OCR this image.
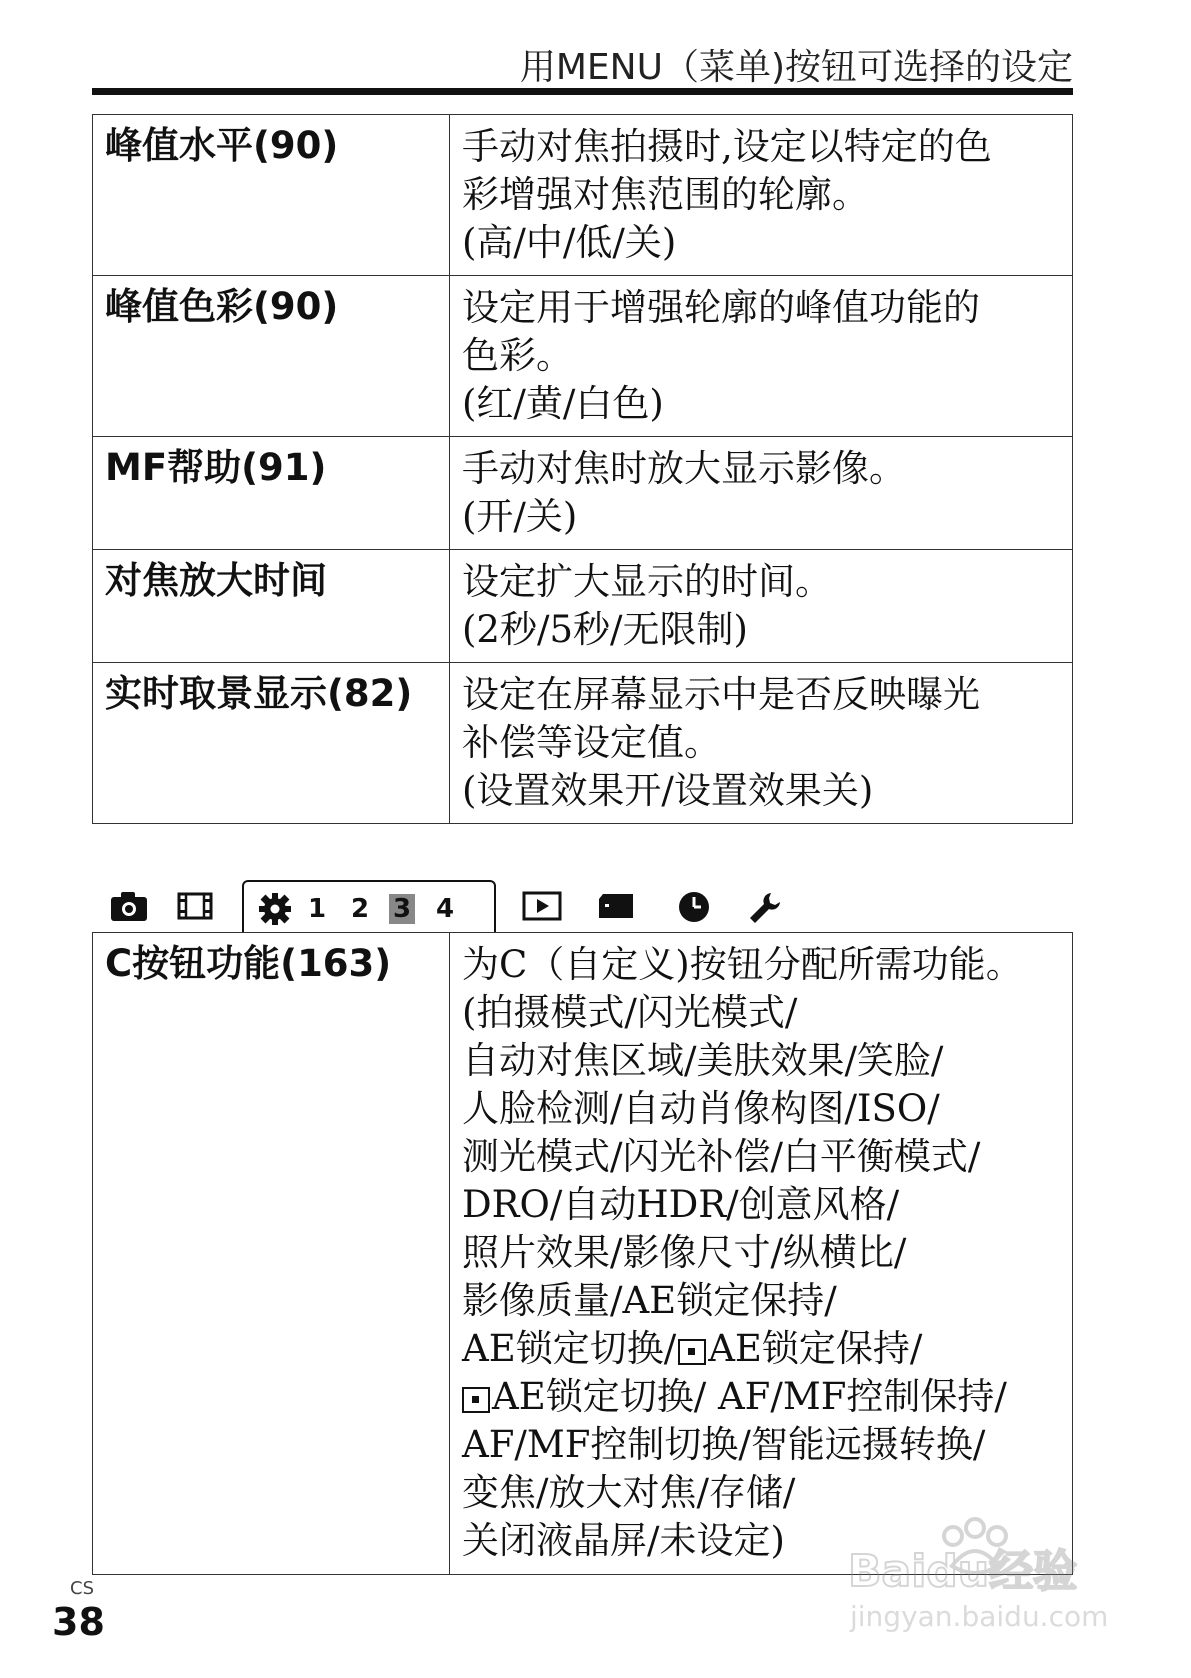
用MENU（菜单)按钮可选择的设定
峰值水平(90)	手动对焦拍摄时,设定以特定的色
彩增强对焦范围的轮廓。
(高/中/低/关)

峰值色彩(90)	设定用于增强轮廓的峰值功能的
色彩。
(红/黄/白色)

MF帮助(91)	手动对焦时放大显示影像。
(开/关)

对焦放大时间	设定扩大显示的时间。
(2秒/5秒/无限制)

实时取景显示(82)	设定在屏幕显示中是否反映曝光
补偿等设定值。
(设置效果开/设置效果关)
1 2 3 4
C按钮功能(163)	为C（自定义)按钮分配所需功能。
(拍摄模式/闪光模式/
自动对焦区域/美肤效果/笑脸/
人脸检测/自动肖像构图/ISO/
测光模式/闪光补偿/白平衡模式/
DRO/自动HDR/创意风格/
照片效果/影像尺寸/纵横比/
影像质量/AE锁定保持/
AE锁定切换/ AE锁定保持/
AE锁定切换/ AF/MF控制保持/
AF/MF控制切换/智能远摄转换/
变焦/放大对焦/存储/
关闭液晶屏/未设定)
CS
38
Baidu经验
jingyan.baidu.com
